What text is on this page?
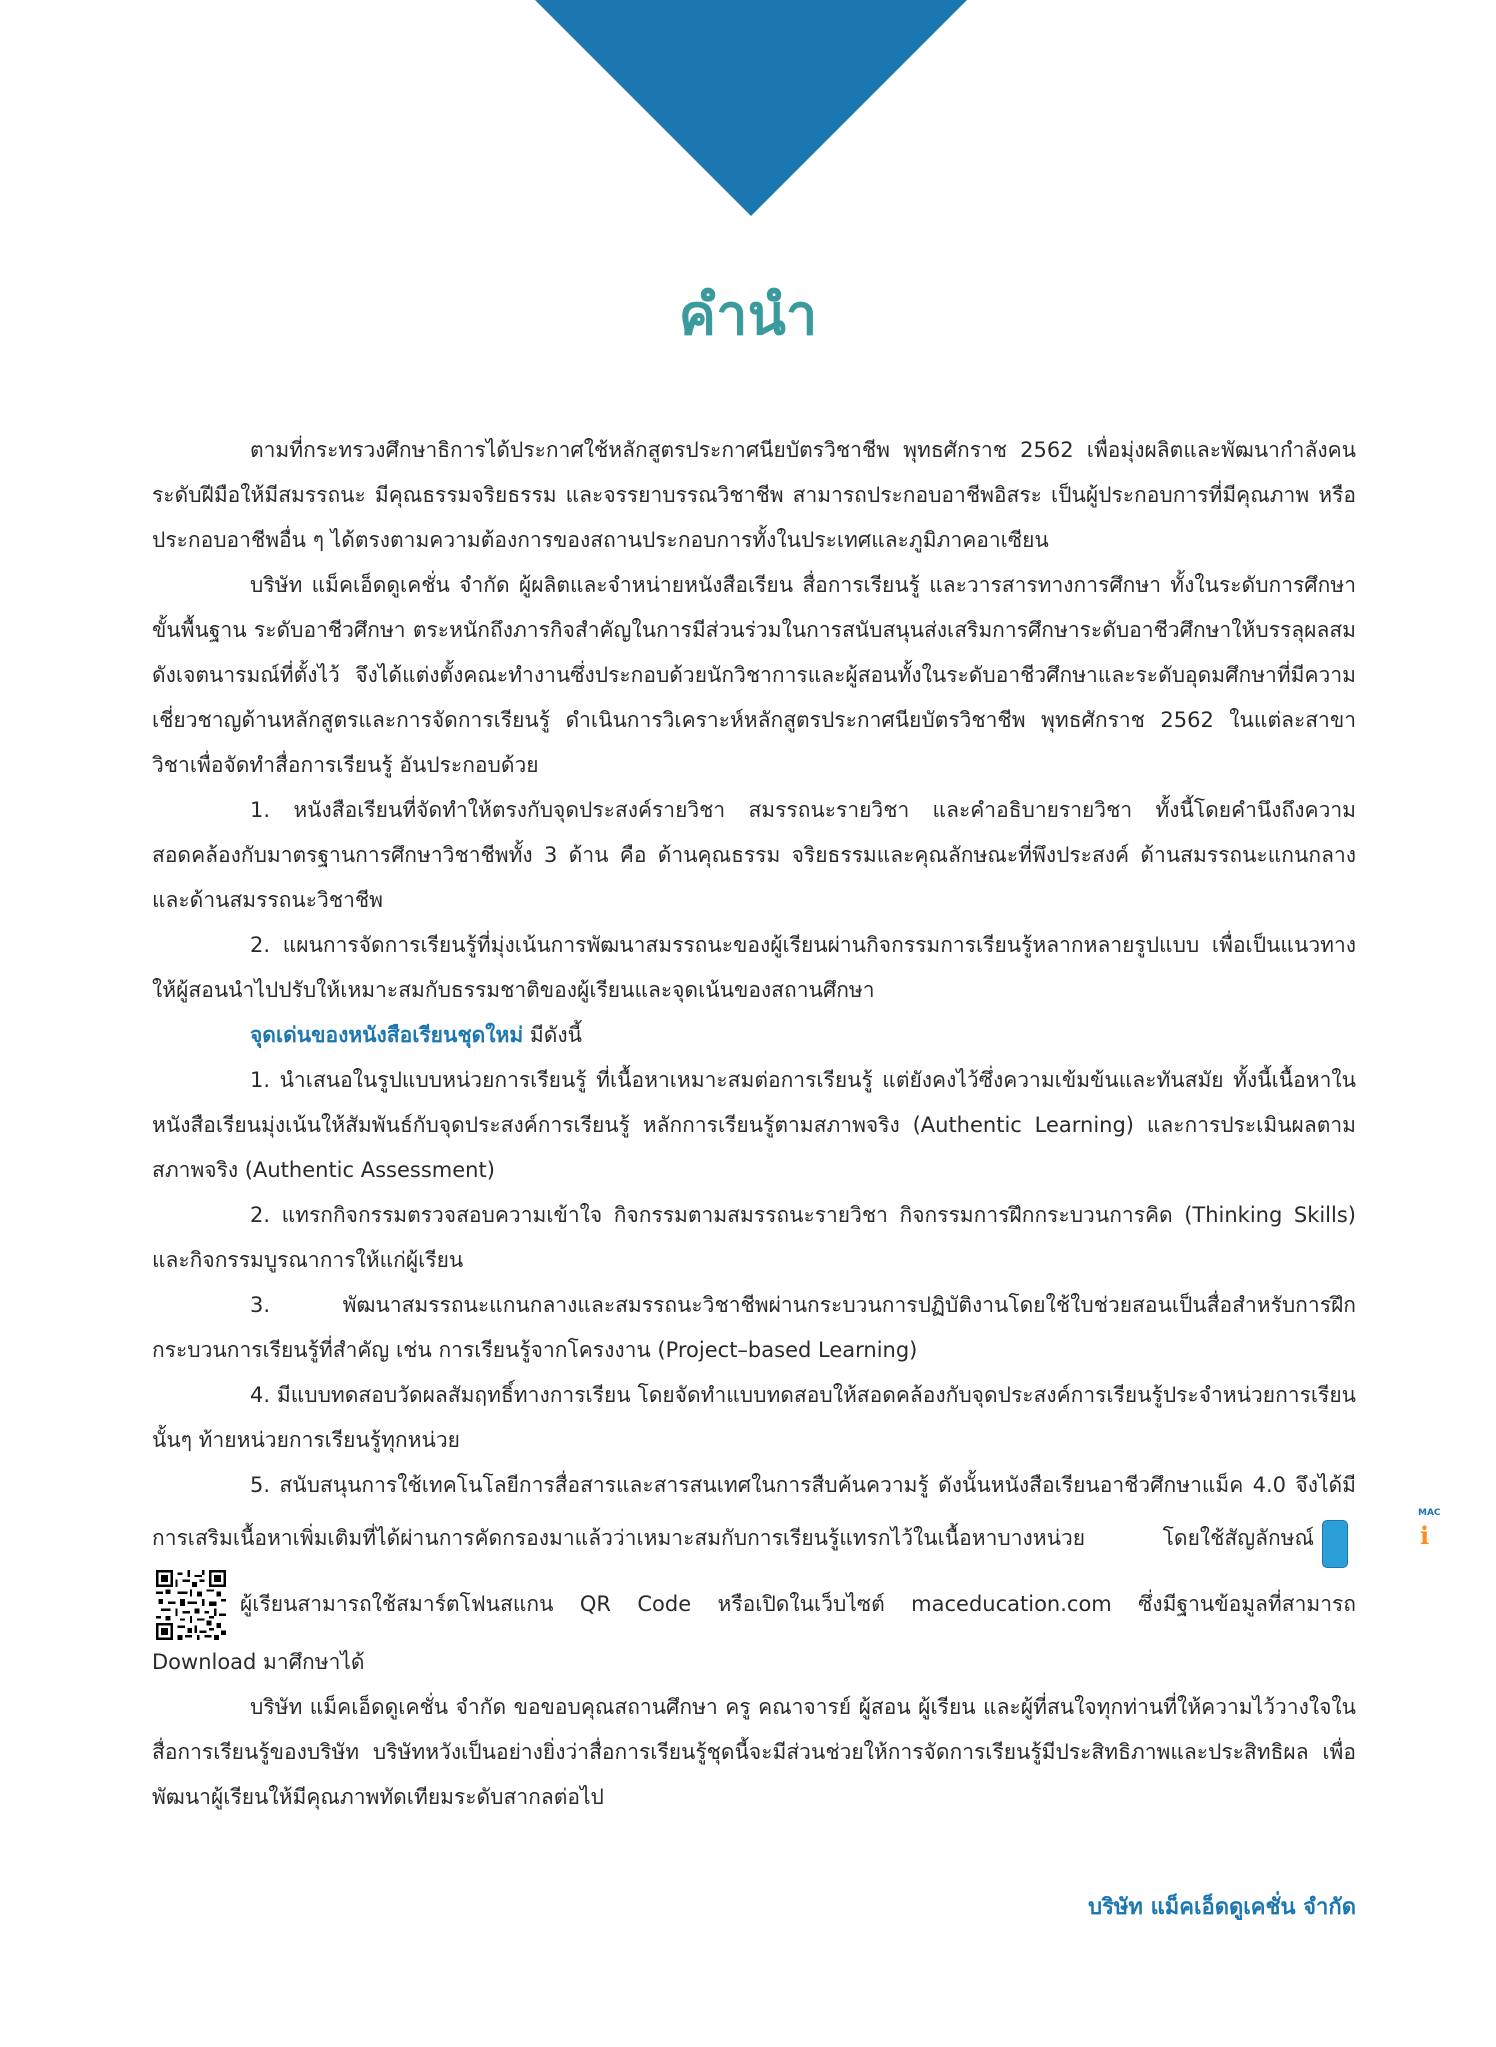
คำนำ

ตามที่กระทรวงศึกษาธิการได้ประกาศใช้หลักสูตรประกาศนียบัตรวิชาชีพ พุทธศักราช 2562 เพื่อมุ่งผลิตและพัฒนากำลังคนระดับฝีมือให้มีสมรรถนะ มีคุณธรรมจริยธรรม และจรรยาบรรณวิชาชีพ สามารถประกอบอาชีพอิสระ เป็นผู้ประกอบการที่มีคุณภาพ หรือประกอบอาชีพอื่น ๆ ได้ตรงตามความต้องการของสถานประกอบการทั้งในประเทศและภูมิภาคอาเซียน

บริษัท แม็คเอ็ดดูเคชั่น จำกัด ผู้ผลิตและจำหน่ายหนังสือเรียน สื่อการเรียนรู้ และวารสารทางการศึกษา ทั้งในระดับการศึกษาขั้นพื้นฐาน ระดับอาชีวศึกษา ตระหนักถึงภารกิจสำคัญในการมีส่วนร่วมในการสนับสนุนส่งเสริมการศึกษาระดับอาชีวศึกษาให้บรรลุผลสมดังเจตนารมณ์ที่ตั้งไว้ จึงได้แต่งตั้งคณะทำงานซึ่งประกอบด้วยนักวิชาการและผู้สอนทั้งในระดับอาชีวศึกษาและระดับอุดมศึกษาที่มีความเชี่ยวชาญด้านหลักสูตรและการจัดการเรียนรู้ ดำเนินการวิเคราะห์หลักสูตรประกาศนียบัตรวิชาชีพ พุทธศักราช 2562 ในแต่ละสาขาวิชาเพื่อจัดทำสื่อการเรียนรู้ อันประกอบด้วย

1. หนังสือเรียนที่จัดทำให้ตรงกับจุดประสงค์รายวิชา สมรรถนะรายวิชา และคำอธิบายรายวิชา ทั้งนี้โดยคำนึงถึงความสอดคล้องกับมาตรฐานการศึกษาวิชาชีพทั้ง 3 ด้าน คือ ด้านคุณธรรม จริยธรรมและคุณลักษณะที่พึงประสงค์ ด้านสมรรถนะแกนกลาง และด้านสมรรถนะวิชาชีพ

2. แผนการจัดการเรียนรู้ที่มุ่งเน้นการพัฒนาสมรรถนะของผู้เรียนผ่านกิจกรรมการเรียนรู้หลากหลายรูปแบบ เพื่อเป็นแนวทางให้ผู้สอนนำไปปรับให้เหมาะสมกับธรรมชาติของผู้เรียนและจุดเน้นของสถานศึกษา

จุดเด่นของหนังสือเรียนชุดใหม่ มีดังนี้

1. นำเสนอในรูปแบบหน่วยการเรียนรู้ ที่เนื้อหาเหมาะสมต่อการเรียนรู้ แต่ยังคงไว้ซึ่งความเข้มข้นและทันสมัย ทั้งนี้เนื้อหาในหนังสือเรียนมุ่งเน้นให้สัมพันธ์กับจุดประสงค์การเรียนรู้ หลักการเรียนรู้ตามสภาพจริง (Authentic Learning) และการประเมินผลตามสภาพจริง (Authentic Assessment)

2. แทรกกิจกรรมตรวจสอบความเข้าใจ กิจกรรมตามสมรรถนะรายวิชา กิจกรรมการฝึกกระบวนการคิด (Thinking Skills) และกิจกรรมบูรณาการให้แก่ผู้เรียน

3. พัฒนาสมรรถนะแกนกลางและสมรรถนะวิชาชีพผ่านกระบวนการปฏิบัติงานโดยใช้ใบช่วยสอนเป็นสื่อสำหรับการฝึกกระบวนการเรียนรู้ที่สำคัญ เช่น การเรียนรู้จากโครงงาน (Project–based Learning)

4. มีแบบทดสอบวัดผลสัมฤทธิ์ทางการเรียน โดยจัดทำแบบทดสอบให้สอดคล้องกับจุดประสงค์การเรียนรู้ประจำหน่วยการเรียนนั้นๆ ท้ายหน่วยการเรียนรู้ทุกหน่วย

5. สนับสนุนการใช้เทคโนโลยีการสื่อสารและสารสนเทศในการสืบค้นความรู้ ดังนั้นหนังสือเรียนอาชีวศึกษาแม็ค 4.0 จึงได้มีการเสริมเนื้อหาเพิ่มเติมที่ได้ผ่านการคัดกรองมาแล้วว่าเหมาะสมกับการเรียนรู้แทรกไว้ในเนื้อหาบางหน่วย โดยใช้สัญลักษณ์
MAC
i
Link
ผู้เรียนสามารถใช้สมาร์ตโฟนสแกน QR Code หรือเปิดในเว็บไซต์ maceducation.com ซึ่งมีฐานข้อมูลที่สามารถ Download มาศึกษาได้

บริษัท แม็คเอ็ดดูเคชั่น จำกัด ขอขอบคุณสถานศึกษา ครู คณาจารย์ ผู้สอน ผู้เรียน และผู้ที่สนใจทุกท่านที่ให้ความไว้วางใจในสื่อการเรียนรู้ของบริษัท บริษัทหวังเป็นอย่างยิ่งว่าสื่อการเรียนรู้ชุดนี้จะมีส่วนช่วยให้การจัดการเรียนรู้มีประสิทธิภาพและประสิทธิผล เพื่อพัฒนาผู้เรียนให้มีคุณภาพทัดเทียมระดับสากลต่อไป

บริษัท แม็คเอ็ดดูเคชั่น จำกัด
